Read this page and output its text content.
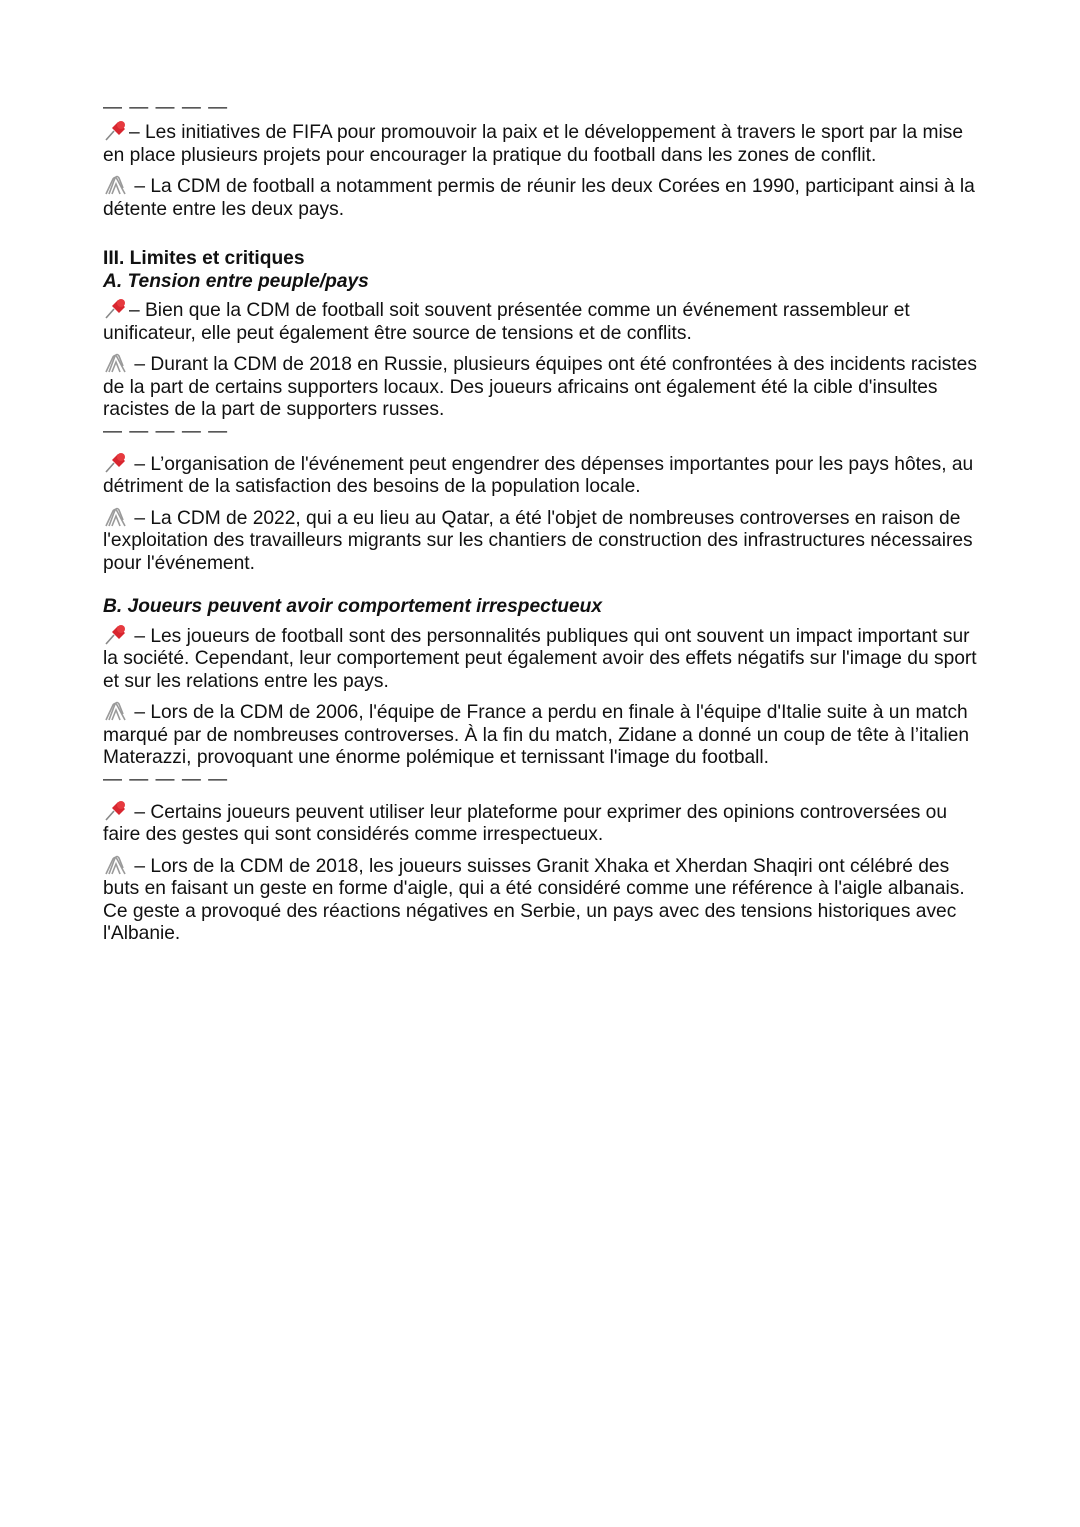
— — — — —

– Les initiatives de FIFA pour promouvoir la paix et le développement à travers le sport par la mise en place plusieurs projets pour encourager la pratique du football dans les zones de conflit.

– La CDM de football a notamment permis de réunir les deux Corées en 1990, participant ainsi à la détente entre les deux pays.

III. Limites et critiques

A. Tension entre peuple/pays

– Bien que la CDM de football soit souvent présentée comme un événement rassembleur et unificateur, elle peut également être source de tensions et de conflits.

– Durant la CDM de 2018 en Russie, plusieurs équipes ont été confrontées à des incidents racistes de la part de certains supporters locaux. Des joueurs africains ont également été la cible d'insultes racistes de la part de supporters russes.

— — — — —

– L’organisation de l'événement peut engendrer des dépenses importantes pour les pays hôtes, au détriment de la satisfaction des besoins de la population locale.

– La CDM de 2022, qui a eu lieu au Qatar, a été l'objet de nombreuses controverses en raison de l'exploitation des travailleurs migrants sur les chantiers de construction des infrastructures nécessaires pour l'événement.

B. Joueurs peuvent avoir comportement irrespectueux

– Les joueurs de football sont des personnalités publiques qui ont souvent un impact important sur la société. Cependant, leur comportement peut également avoir des effets négatifs sur l'image du sport et sur les relations entre les pays.

– Lors de la CDM de 2006, l'équipe de France a perdu en finale à l'équipe d'Italie suite à un match marqué par de nombreuses controverses. À la fin du match, Zidane a donné un coup de tête à l’italien Materazzi, provoquant une énorme polémique et ternissant l'image du football.

— — — — —

– Certains joueurs peuvent utiliser leur plateforme pour exprimer des opinions controversées ou faire des gestes qui sont considérés comme irrespectueux.

– Lors de la CDM de 2018, les joueurs suisses Granit Xhaka et Xherdan Shaqiri ont célébré des buts en faisant un geste en forme d'aigle, qui a été considéré comme une référence à l'aigle albanais. Ce geste a provoqué des réactions négatives en Serbie, un pays avec des tensions historiques avec l'Albanie.
